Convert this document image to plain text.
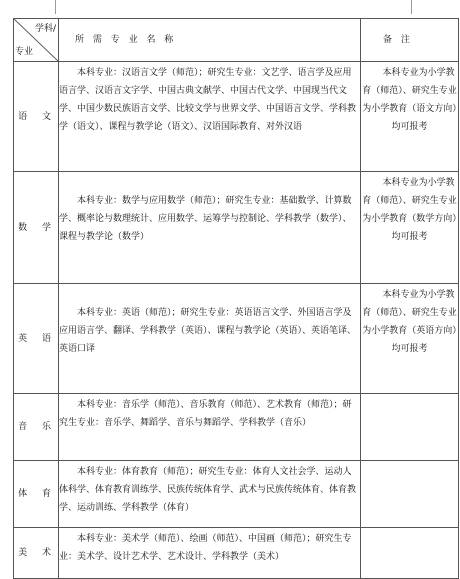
学科/
专业	所 需 专 业 名 称	备 注
语 文	本科专业：汉语言文学（师范）；研究生专业：文艺学、语言学及应用语言学、汉语言文字学、中国古典文献学、中国古代文学、中国现当代文学、中国少数民族语言文学、比较文学与世界文学、中国语言文学、学科教学（语文）、课程与教学论（语文）、汉语国际教育、对外汉语	本科专业为小学教育（师范）、研究生专业为小学教育（语文方向）均可报考
数 学	本科专业：数学与应用数学（师范）；研究生专业：基础数学、计算数学、概率论与数理统计、应用数学、运筹学与控制论、学科教学（数学）、课程与教学论（数学）	本科专业为小学教育（师范）、研究生专业为小学教育（数学方向）均可报考
英 语	本科专业：英语（师范）；研究生专业：英语语言文学、外国语言学及应用语言学、翻译、学科教学（英语）、课程与教学论（英语）、英语笔译、英语口译	本科专业为小学教育（师范）、研究生专业为小学教育（英语方向）均可报考
音 乐	本科专业：音乐学（师范）、音乐教育（师范）、艺术教育（师范）；研究生专业：音乐学、舞蹈学、音乐与舞蹈学、学科教学（音乐）	
体 育	本科专业：体育教育（师范）；研究生专业：体育人文社会学、运动人体科学、体育教育训练学、民族传统体育学、武术与民族传统体育、体育教学、运动训练、学科教学（体育）	
美 术	本科专业：美术学（师范）、绘画（师范）、中国画（师范）；研究生专业：美术学、设计艺术学、艺术设计、学科教学（美术）	
